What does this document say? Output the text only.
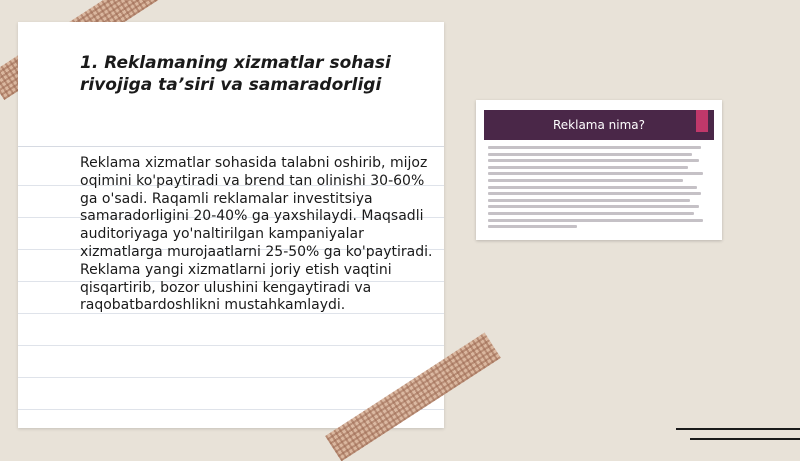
1. Reklamaning xizmatlar sohasi rivojiga ta’siri va samaradorligi

Reklama xizmatlar sohasida talabni oshirib, mijoz oqimini ko'paytiradi va brend tan olinishi 30-60% ga o'sadi. Raqamli reklamalar investitsiya samaradorligini 20-40% ga yaxshilaydi. Maqsadli auditoriyaga yo'naltirilgan kampaniyalar xizmatlarga murojaatlarni 25-50% ga ko'paytiradi. Reklama yangi xizmatlarni joriy etish vaqtini qisqartirib, bozor ulushini kengaytiradi va raqobatbardoshlikni mustahkamlaydi.

Reklama nima?
